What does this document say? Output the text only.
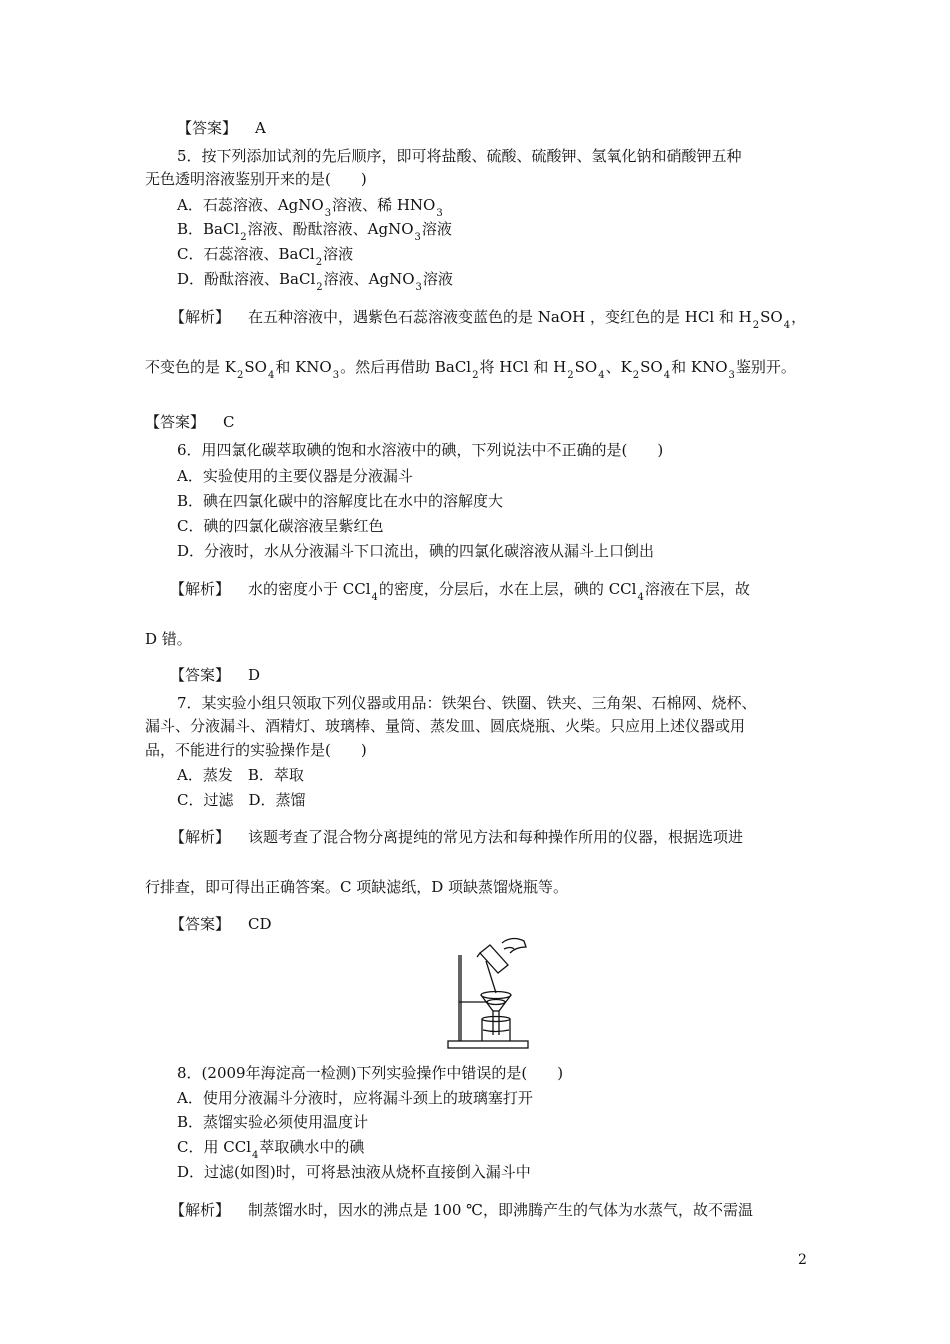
【答案】 A
5．按下列添加试剂的先后顺序，即可将盐酸、硫酸、硫酸钾、氢氧化钠和硝酸钾五种
无色透明溶液鉴别开来的是(　　)
A．石蕊溶液、AgNO$_3$溶液、稀 $HNO_3$
B．BaCl$_2$溶液、酚酞溶液、AgNO$_3$溶液
C．石蕊溶液、BaCl$_2$溶液
D．酚酞溶液、BaCl$_2$溶液、AgNO$_3$溶液
【解析】 在五种溶液中，遇紫色石蕊溶液变蓝色的是 NaOH ，变红色的是 HCl 和 $H_2SO_4$，
不变色的是 $K_2SO_4$和 $KNO_3$。然后再借助 BaCl$_2$将 HCl 和 $H_2SO_4$、$K_2SO_4$和 $KNO_3$鉴别开。
【答案】 C
6．用四氯化碳萃取碘的饱和水溶液中的碘，下列说法中不正确的是(　　)
A．实验使用的主要仪器是分液漏斗
B．碘在四氯化碳中的溶解度比在水中的溶解度大
C．碘的四氯化碳溶液呈紫红色
D．分液时，水从分液漏斗下口流出，碘的四氯化碳溶液从漏斗上口倒出
【解析】 水的密度小于 CCl$_4$的密度，分层后，水在上层，碘的 CCl$_4$溶液在下层，故
D 错。
【答案】 D
7．某实验小组只领取下列仪器或用品：铁架台、铁圈、铁夹、三角架、石棉网、烧杯、
漏斗、分液漏斗、酒精灯、玻璃棒、量筒、蒸发皿、圆底烧瓶、火柴。只应用上述仪器或用
品，不能进行的实验操作是(　　)
A．蒸发　B．萃取
C．过滤　D．蒸馏
【解析】 该题考查了混合物分离提纯的常见方法和每种操作所用的仪器，根据选项进
行排查，即可得出正确答案。C 项缺滤纸，D 项缺蒸馏烧瓶等。
【答案】 CD
8．(2009年海淀高一检测)下列实验操作中错误的是(　　)
A．使用分液漏斗分液时，应将漏斗颈上的玻璃塞打开
B．蒸馏实验必须使用温度计
C．用 CCl$_4$萃取碘水中的碘
D．过滤(如图)时，可将悬浊液从烧杯直接倒入漏斗中
【解析】 制蒸馏水时，因水的沸点是 100 ℃，即沸腾产生的气体为水蒸气，故不需温
2
